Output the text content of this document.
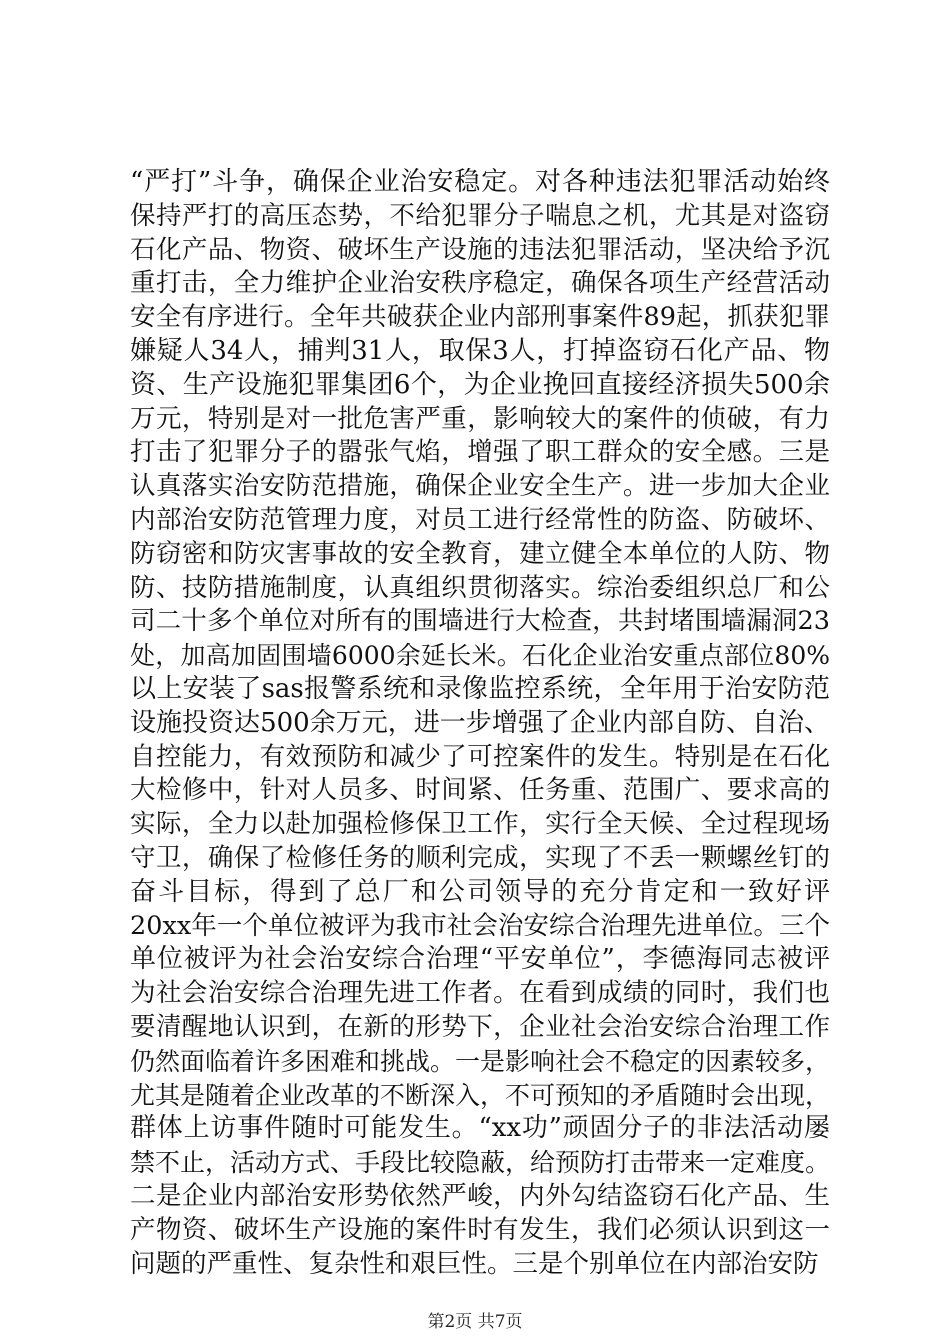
“严打”斗争，确保企业治安稳定。对各种违法犯罪活动始终
保持严打的高压态势，不给犯罪分子喘息之机，尤其是对盗窃
石化产品、物资、破坏生产设施的违法犯罪活动，坚决给予沉
重打击，全力维护企业治安秩序稳定，确保各项生产经营活动
安全有序进行。全年共破获企业内部刑事案件89起，抓获犯罪
嫌疑人34人，捕判31人，取保3人，打掉盗窃石化产品、物
资、生产设施犯罪集团6个，为企业挽回直接经济损失500余
万元，特别是对一批危害严重，影响较大的案件的侦破，有力
打击了犯罪分子的嚣张气焰，增强了职工群众的安全感。三是
认真落实治安防范措施，确保企业安全生产。进一步加大企业
内部治安防范管理力度，对员工进行经常性的防盗、防破坏、
防窃密和防灾害事故的安全教育，建立健全本单位的人防、物
防、技防措施制度，认真组织贯彻落实。综治委组织总厂和公
司二十多个单位对所有的围墙进行大检查，共封堵围墙漏洞23
处，加高加固围墙6000余延长米。石化企业治安重点部位80%
以上安装了sas报警系统和录像监控系统，全年用于治安防范
设施投资达500余万元，进一步增强了企业内部自防、自治、
自控能力，有效预防和减少了可控案件的发生。特别是在石化
大检修中，针对人员多、时间紧、任务重、范围广、要求高的
实际，全力以赴加强检修保卫工作，实行全天候、全过程现场
守卫，确保了检修任务的顺利完成，实现了不丢一颗螺丝钉的
奋斗目标，得到了总厂和公司领导的充分肯定和一致好评
20xx年一个单位被评为我市社会治安综合治理先进单位。三个
单位被评为社会治安综合治理“平安单位”，李德海同志被评
为社会治安综合治理先进工作者。在看到成绩的同时，我们也
要清醒地认识到，在新的形势下，企业社会治安综合治理工作
仍然面临着许多困难和挑战。一是影响社会不稳定的因素较多，
尤其是随着企业改革的不断深入，不可预知的矛盾随时会出现，
群体上访事件随时可能发生。“xx功”顽固分子的非法活动屡
禁不止，活动方式、手段比较隐蔽，给预防打击带来一定难度。
二是企业内部治安形势依然严峻，内外勾结盗窃石化产品、生
产物资、破坏生产设施的案件时有发生，我们必须认识到这一
问题的严重性、复杂性和艰巨性。三是个别单位在内部治安防
第2页 共7页
